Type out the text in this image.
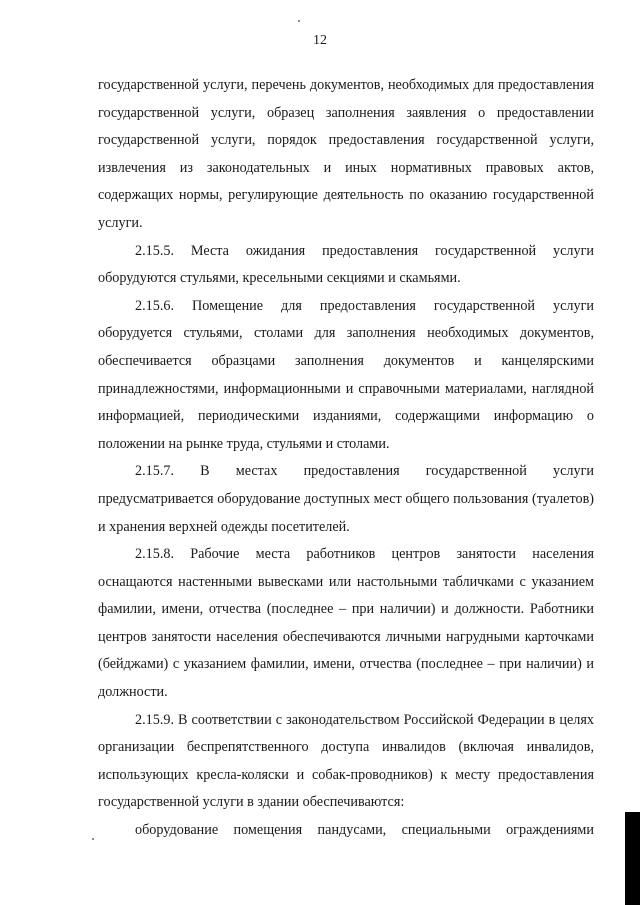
12

государственной услуги, перечень документов, необходимых для предоставления государственной услуги, образец заполнения заявления о предоставлении государственной услуги, порядок предоставления государственной услуги, извлечения из законодательных и иных нормативных правовых актов, содержащих нормы, регулирующие деятельность по оказанию государственной услуги.

2.15.5. Места ожидания предоставления государственной услуги оборудуются стульями, кресельными секциями и скамьями.

2.15.6. Помещение для предоставления государственной услуги оборудуется стульями, столами для заполнения необходимых документов, обеспечивается образцами заполнения документов и канцелярскими принадлежностями, информационными и справочными материалами, наглядной информацией, периодическими изданиями, содержащими информацию о положении на рынке труда, стульями и столами.

2.15.7. В местах предоставления государственной услуги предусматривается оборудование доступных мест общего пользования (туалетов) и хранения верхней одежды посетителей.

2.15.8. Рабочие места работников центров занятости населения оснащаются настенными вывесками или настольными табличками с указанием фамилии, имени, отчества (последнее – при наличии) и должности. Работники центров занятости населения обеспечиваются личными нагрудными карточками (бейджами) с указанием фамилии, имени, отчества (последнее – при наличии) и должности.

2.15.9. В соответствии с законодательством Российской Федерации в целях организации беспрепятственного доступа инвалидов (включая инвалидов, использующих кресла-коляски и собак-проводников) к месту предоставления государственной услуги в здании обеспечиваются:

оборудование помещения пандусами, специальными ограждениями
